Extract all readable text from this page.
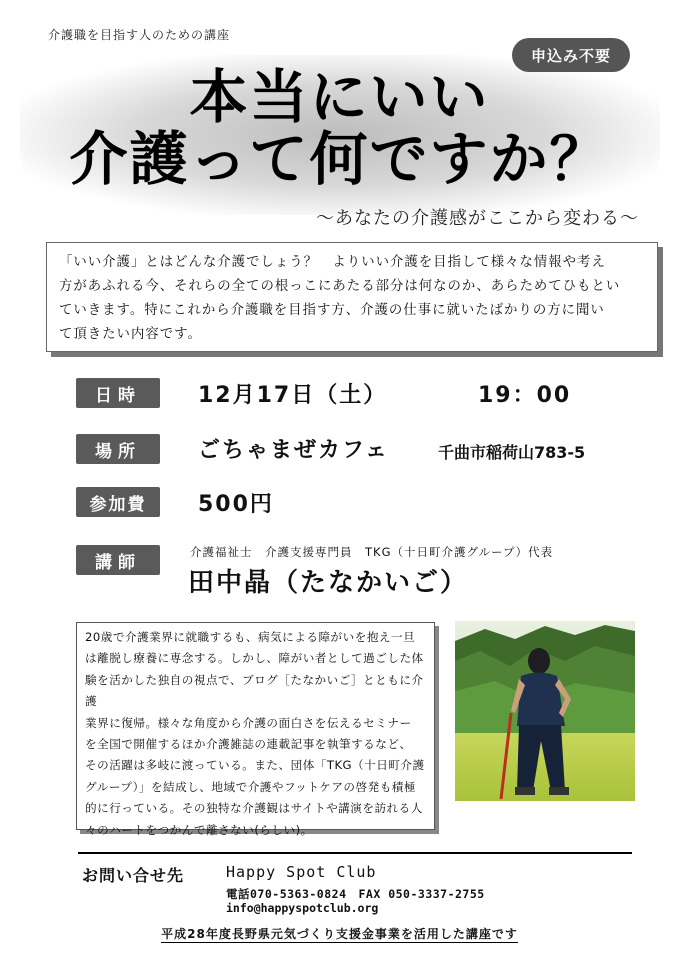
介護職を目指す人のための講座
申込み不要
本当にいい
介護って何ですか？
～あなたの介護感がここから変わる～
「いい介護」とはどんな介護でしょう？　よりいい介護を目指して様々な情報や考え
方があふれる今、それらの全ての根っこにあたる部分は何なのか、あらためてひもとい
ていきます。特にこれから介護職を目指す方、介護の仕事に就いたばかりの方に聞い
て頂きたい内容です。
日時	12月17日（土）	19：00
場所	ごちゃまぜカフェ	千曲市稲荷山783-5
参加費	500円
講師
介護福祉士　介護支援専門員　TKG（十日町介護グループ）代表
田中晶（たなかいご）
20歳で介護業界に就職するも、病気による障がいを抱え一旦
は離脱し療養に専念する。しかし、障がい者として過ごした体
験を活かした独自の視点で、ブログ［たなかいご］とともに介護
業界に復帰。様々な角度から介護の面白さを伝えるセミナー
を全国で開催するほか介護雑誌の連載記事を執筆するなど、
その活躍は多岐に渡っている。また、団体「TKG（十日町介護
グループ）」を結成し、地域で介護やフットケアの啓発も積極
的に行っている。その独特な介護観はサイトや講演を訪れる人
々のハートをつかんで離さない(らしい)。
お問い合せ先	Happy Spot Club
電話070-5363-0824　FAX 050-3337-2755
info@happyspotclub.org
平成28年度長野県元気づくり支援金事業を活用した講座です
